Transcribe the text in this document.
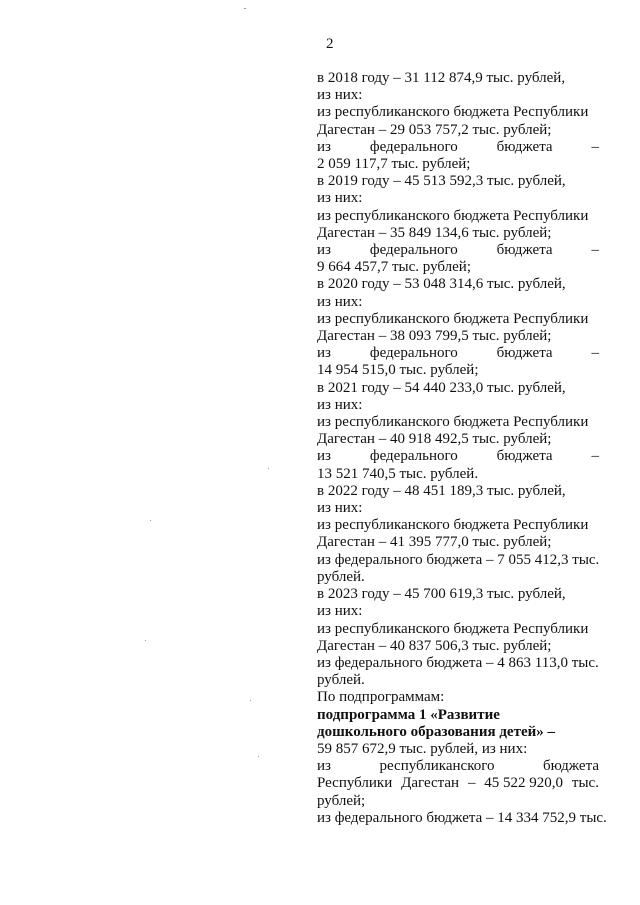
2
в 2018 году – 31 112 874,9 тыс. рублей,
из них:
из республиканского бюджета Республики
Дагестан – 29 053 757,2 тыс. рублей;
из	федерального	бюджета	–
2 059 117,7 тыс. рублей;
в 2019 году – 45 513 592,3 тыс. рублей,
из них:
из республиканского бюджета Республики
Дагестан – 35 849 134,6 тыс. рублей;
из	федерального	бюджета	–
9 664 457,7 тыс. рублей;
в 2020 году – 53 048 314,6 тыс. рублей,
из них:
из республиканского бюджета Республики
Дагестан – 38 093 799,5 тыс. рублей;
из	федерального	бюджета	–
14 954 515,0 тыс. рублей;
в 2021 году – 54 440 233,0 тыс. рублей,
из них:
из республиканского бюджета Республики
Дагестан – 40 918 492,5 тыс. рублей;
из	федерального	бюджета	–
13 521 740,5 тыс. рублей.
в 2022 году – 48 451 189,3 тыс. рублей,
из них:
из республиканского бюджета Республики
Дагестан – 41 395 777,0 тыс. рублей;
из федерального бюджета – 7 055 412,3 тыс.
рублей.
в 2023 году – 45 700 619,3 тыс. рублей,
из них:
из республиканского бюджета Республики
Дагестан – 40 837 506,3 тыс. рублей;
из федерального бюджета – 4 863 113,0 тыс.
рублей.
По подпрограммам:
подпрограмма 1 «Развитие
дошкольного образования детей» –
59 857 672,9 тыс. рублей, из них:
из	республиканского	бюджета
Республики Дагестан – 45 522 920,0 тыс.
рублей;
из федерального бюджета – 14 334 752,9 тыс.
